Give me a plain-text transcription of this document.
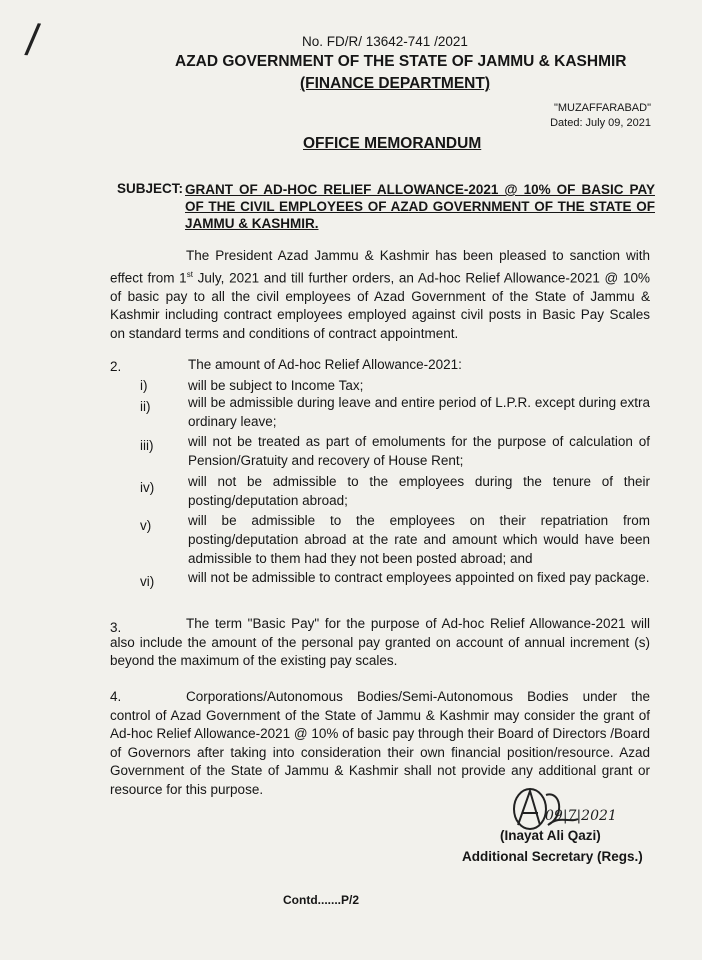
/	No. FD/R/ 13642-741 /2021
AZAD GOVERNMENT OF THE STATE OF JAMMU & KASHMIR
(FINANCE DEPARTMENT)
"MUZAFFARABAD"
Dated: July 09, 2021
OFFICE MEMORANDUM
SUBJECT: GRANT OF AD-HOC RELIEF ALLOWANCE-2021 @ 10% OF BASIC PAY OF THE CIVIL EMPLOYEES OF AZAD GOVERNMENT OF THE STATE OF JAMMU & KASHMIR.
The President Azad Jammu & Kashmir has been pleased to sanction with effect from 1st July, 2021 and till further orders, an Ad-hoc Relief Allowance-2021 @ 10% of basic pay to all the civil employees of Azad Government of the State of Jammu & Kashmir including contract employees employed against civil posts in Basic Pay Scales on standard terms and conditions of contract appointment.
2.	The amount of Ad-hoc Relief Allowance-2021:
i)	will be subject to Income Tax;
ii)	will be admissible during leave and entire period of L.P.R. except during extra ordinary leave;
iii)	will not be treated as part of emoluments for the purpose of calculation of Pension/Gratuity and recovery of House Rent;
iv)	will not be admissible to the employees during the tenure of their posting/deputation abroad;
v)	will be admissible to the employees on their repatriation from posting/deputation abroad at the rate and amount which would have been admissible to them had they not been posted abroad; and
vi)	will not be admissible to contract employees appointed on fixed pay package.
3.	The term "Basic Pay" for the purpose of Ad-hoc Relief Allowance-2021 will also include the amount of the personal pay granted on account of annual increment (s) beyond the maximum of the existing pay scales.
4.	Corporations/Autonomous Bodies/Semi-Autonomous Bodies under the control of Azad Government of the State of Jammu & Kashmir may consider the grant of Ad-hoc Relief Allowance-2021 @ 10% of basic pay through their Board of Directors /Board of Governors after taking into consideration their own financial position/resource. Azad Government of the State of Jammu & Kashmir shall not provide any additional grant or resource for this purpose.
09|7|2021
(Inayat Ali Qazi)
Additional Secretary (Regs.)
Contd.......P/2
